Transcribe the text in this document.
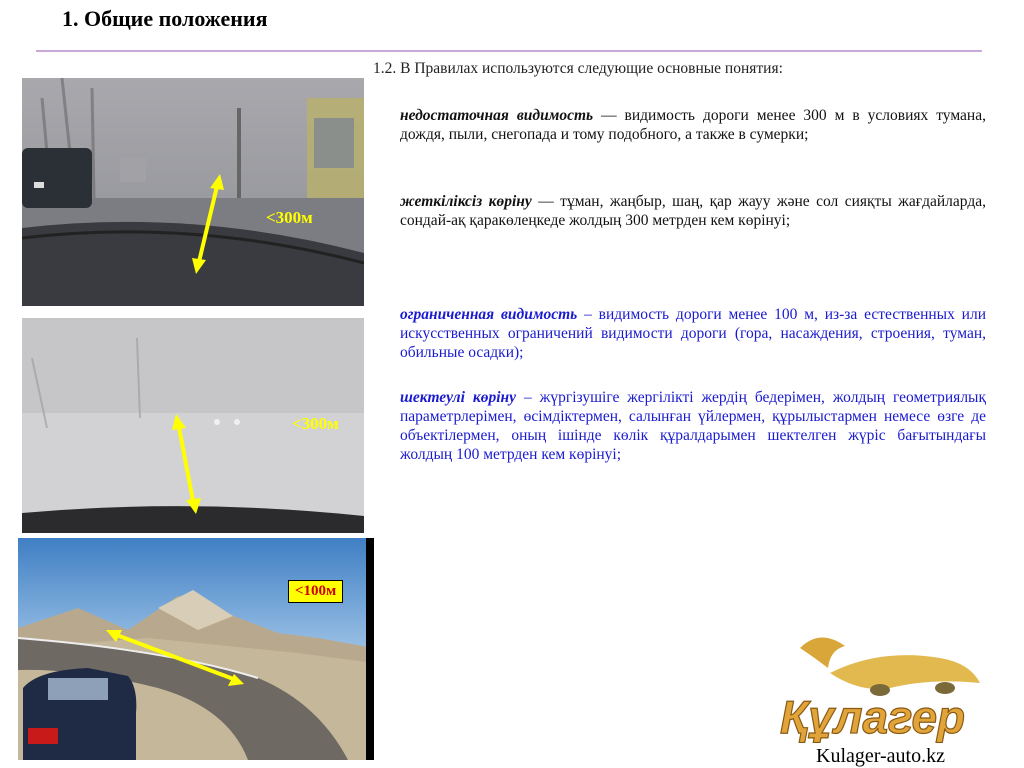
1. Общие положения
<300м
<300м
<100м
1.2. В Правилах используются следующие основные понятия:
недостаточная видимость — видимость дороги менее 300 м в условиях тумана, дождя, пыли, снегопада и тому подобного, а также в сумерки;
жеткіліксіз көріну — тұман, жаңбыр, шаң, қар жауу және сол сияқты жағдайларда, сондай-ақ қаракөлеңкеде жолдың 300 метрден кем көрінуі;
ограниченная видимость – видимость дороги менее 100 м, из-за естественных или искусственных ограничений видимости дороги (гора, насаждения, строения, туман, обильные осадки);
шектеулі көріну – жүргізушіге жергілікті жердің бедерімен, жолдың геометриялық параметрлерімен, өсімдіктермен, салынған үйлермен, құрылыстармен немесе өзге де объектілермен, оның ішінде көлік құралдарымен шектелген жүріс бағытындағы жолдың 100 метрден кем көрінуі;
Құлагер
Kulager-auto.kz
